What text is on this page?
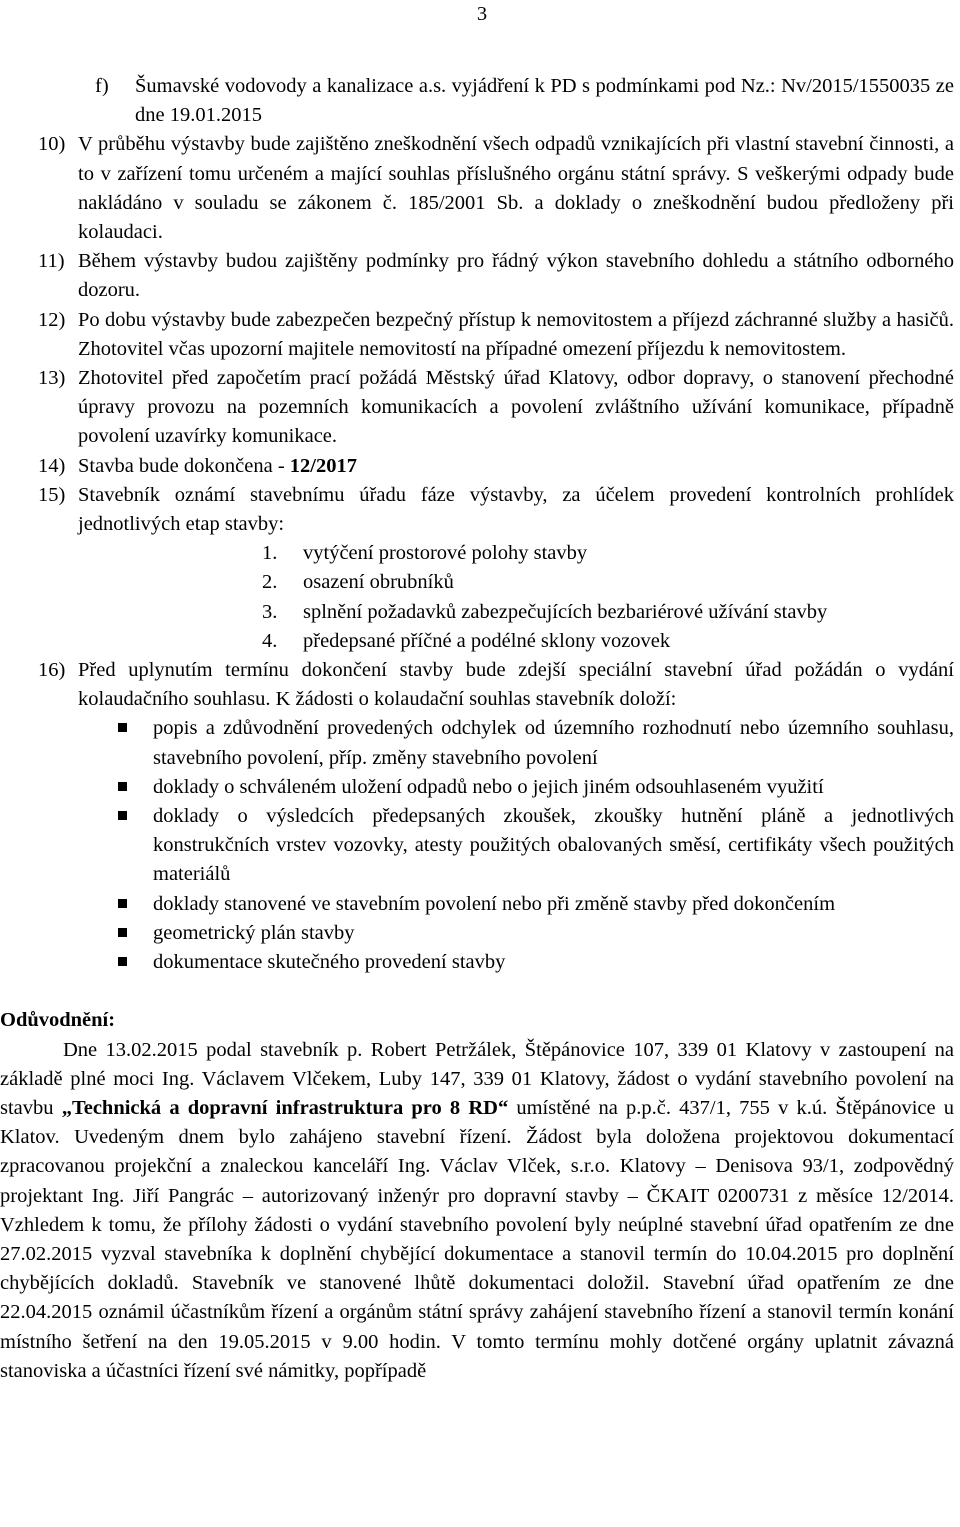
3
f) Šumavské vodovody a kanalizace a.s. vyjádření k PD s podmínkami pod Nz.: Nv/2015/1550035 ze dne 19.01.2015
10) V průběhu výstavby bude zajištěno zneškodnění všech odpadů vznikajících při vlastní stavební činnosti, a to v zařízení tomu určeném a mající souhlas příslušného orgánu státní správy. S veškerými odpady bude nakládáno v souladu se zákonem č. 185/2001 Sb. a doklady o zneškodnění budou předloženy při kolaudaci.
11) Během výstavby budou zajištěny podmínky pro řádný výkon stavebního dohledu a státního odborného dozoru.
12) Po dobu výstavby bude zabezpečen bezpečný přístup k nemovitostem a příjezd záchranné služby a hasičů. Zhotovitel včas upozorní majitele nemovitostí na případné omezení příjezdu k nemovitostem.
13) Zhotovitel před započetím prací požádá Městský úřad Klatovy, odbor dopravy, o stanovení přechodné úpravy provozu na pozemních komunikacích a povolení zvláštního užívání komunikace, případně povolení uzavírky komunikace.
14) Stavba bude dokončena - 12/2017
15) Stavebník oznámí stavebnímu úřadu fáze výstavby, za účelem provedení kontrolních prohlídek jednotlivých etap stavby:
1. vytýčení prostorové polohy stavby
2. osazení obrubníků
3. splnění požadavků zabezpečujících bezbariérové užívání stavby
4. předepsané příčné a podélné sklony vozovek
16) Před uplynutím termínu dokončení stavby bude zdejší speciální stavební úřad požádán o vydání kolaudačního souhlasu. K žádosti o kolaudační souhlas stavebník doloží:
popis a zdůvodnění provedených odchylek od územního rozhodnutí nebo územního souhlasu, stavebního povolení, příp. změny stavebního povolení
doklady o schváleném uložení odpadů nebo o jejich jiném odsouhlaseném využití
doklady o výsledcích předepsaných zkoušek, zkoušky hutnění pláně a jednotlivých konstrukčních vrstev vozovky, atesty použitých obalovaných směsí, certifikáty všech použitých materiálů
doklady stanovené ve stavebním povolení nebo při změně stavby před dokončením
geometrický plán stavby
dokumentace skutečného provedení stavby
Odůvodnění:
Dne 13.02.2015 podal stavebník p. Robert Petržálek, Štěpánovice 107, 339 01 Klatovy v zastoupení na základě plné moci Ing. Václavem Vlčekem, Luby 147, 339 01 Klatovy, žádost o vydání stavebního povolení na stavbu „Technická a dopravní infrastruktura pro 8 RD“ umístěné na p.p.č. 437/1, 755 v k.ú. Štěpánovice u Klatov. Uvedeným dnem bylo zahájeno stavební řízení. Žádost byla doložena projektovou dokumentací zpracovanou projekční a znaleckou kanceláří Ing. Václav Vlček, s.r.o. Klatovy – Denisova 93/1, zodpovědný projektant Ing. Jiří Pangrác – autorizovaný inženýr pro dopravní stavby – ČKAIT 0200731 z měsíce 12/2014. Vzhledem k tomu, že přílohy žádosti o vydání stavebního povolení byly neúplné stavební úřad opatřením ze dne 27.02.2015 vyzval stavebníka k doplnění chybějící dokumentace a stanovil termín do 10.04.2015 pro doplnění chybějících dokladů. Stavebník ve stanovené lhůtě dokumentaci doložil. Stavební úřad opatřením ze dne 22.04.2015 oznámil účastníkům řízení a orgánům státní správy zahájení stavebního řízení a stanovil termín konání místního šetření na den 19.05.2015 v 9.00 hodin. V tomto termínu mohly dotčené orgány uplatnit závazná stanoviska a účastníci řízení své námitky, popřípadě
